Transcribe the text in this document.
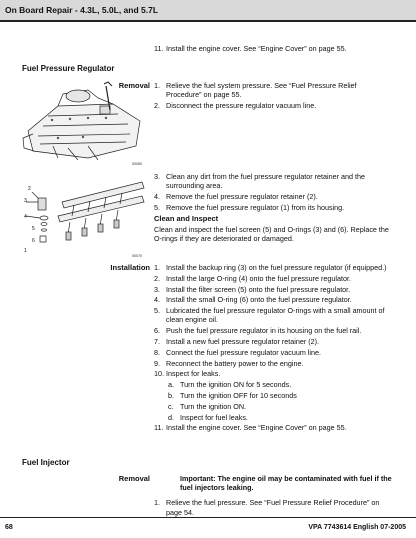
On Board Repair - 4.3L, 5.0L, and 5.7L
11. Install the engine cover. See “Engine Cover” on page 55.
Fuel Pressure Regulator
Removal 1. Relieve the fuel system pressure. See “Fuel Pressure Relief Procedure” on page 55.
2. Disconnect the pressure regulator vacuum line.
50080
3. Clean any dirt from the fuel pressure regulator retainer and the surrounding area.
4. Remove the fuel pressure regulator retainer (2).
5. Remove the fuel pressure regulator (1) from its housing.
Clean and Inspect
Clean and inspect the fuel screen (5) and O-rings (3) and (6). Replace the O-rings if they are deteriorated or damaged.
1
2
3
4
5
6
50070
Installation 1. Install the backup ring (3) on the fuel pressure regulator (if equipped.)
2. Install the large O-ring (4) onto the fuel pressure regulator.
3. Install the filter screen (5) onto the fuel pressure regulator.
4. Install the small O-ring (6) onto the fuel pressure regulator.
5. Lubricated the fuel pressure regulator O-rings with a small amount of clean engine oil.
6. Push the fuel pressure regulator in its housing on the fuel rail.
7. Install a new fuel pressure regulator retainer (2).
8. Connect the fuel pressure regulator vacuum line.
9. Reconnect the battery power to the engine.
10. Inspect for leaks.
a. Turn the ignition ON for 5 seconds.
b. Turn the ignition OFF for 10 seconds
c. Turn the ignition ON.
d. Inspect for fuel leaks.
11. Install the engine cover. See “Engine Cover” on page 55.
Fuel Injector
Removal	Important: The engine oil may be contaminated with fuel if the fuel injectors leaking.
1. Relieve the fuel pressure. See “Fuel Pressure Relief Procedure” on page 54.
68	VPA 7743614 English 07-2005
